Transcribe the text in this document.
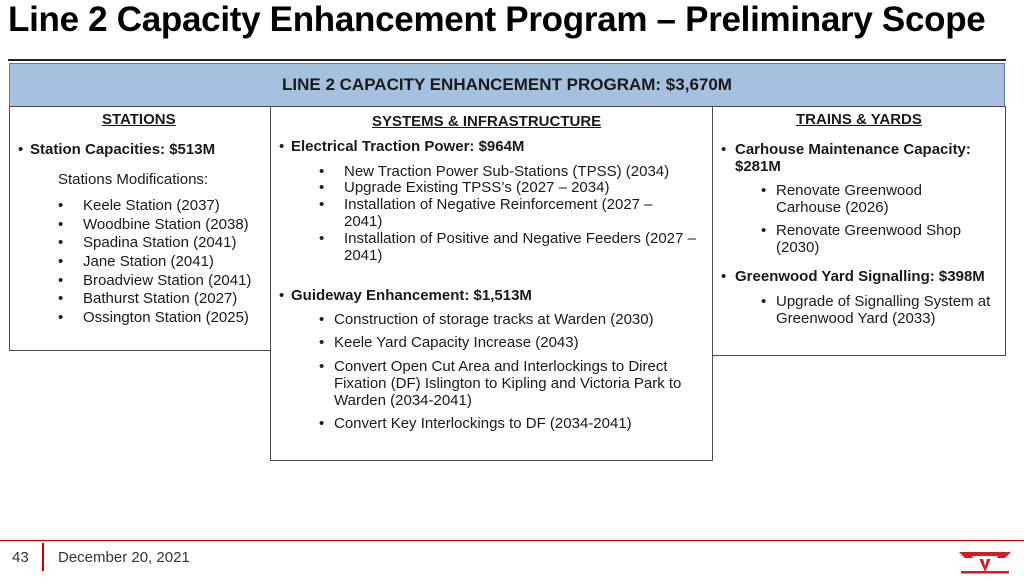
Line 2 Capacity Enhancement Program – Preliminary Scope
LINE 2 CAPACITY ENHANCEMENT PROGRAM: $3,670M
STATIONS
• Station Capacities: $513M
Stations Modifications:
•	Keele Station (2037)
•	Woodbine Station (2038)
•	Spadina Station (2041)
•	Jane Station (2041)
•	Broadview Station (2041)
•	Bathurst Station (2027)
•	Ossington Station (2025)
SYSTEMS & INFRASTRUCTURE
• Electrical Traction Power: $964M
•	New Traction Power Sub-Stations (TPSS) (2034)
•	Upgrade Existing TPSS’s (2027 – 2034)
•	Installation of Negative Reinforcement (2027 – 2041)
•	Installation of Positive and Negative Feeders (2027 – 2041)
• Guideway Enhancement: $1,513M
• Construction of storage tracks at Warden (2030)
• Keele Yard Capacity Increase (2043)
• Convert Open Cut Area and Interlockings to Direct Fixation (DF) Islington to Kipling and Victoria Park to Warden (2034-2041)
• Convert Key Interlockings to DF (2034-2041)
TRAINS & YARDS
• Carhouse Maintenance Capacity: $281M
• Renovate Greenwood Carhouse (2026)
• Renovate Greenwood Shop (2030)
• Greenwood Yard Signalling: $398M
• Upgrade of Signalling System at Greenwood Yard (2033)
43 December 20, 2021
